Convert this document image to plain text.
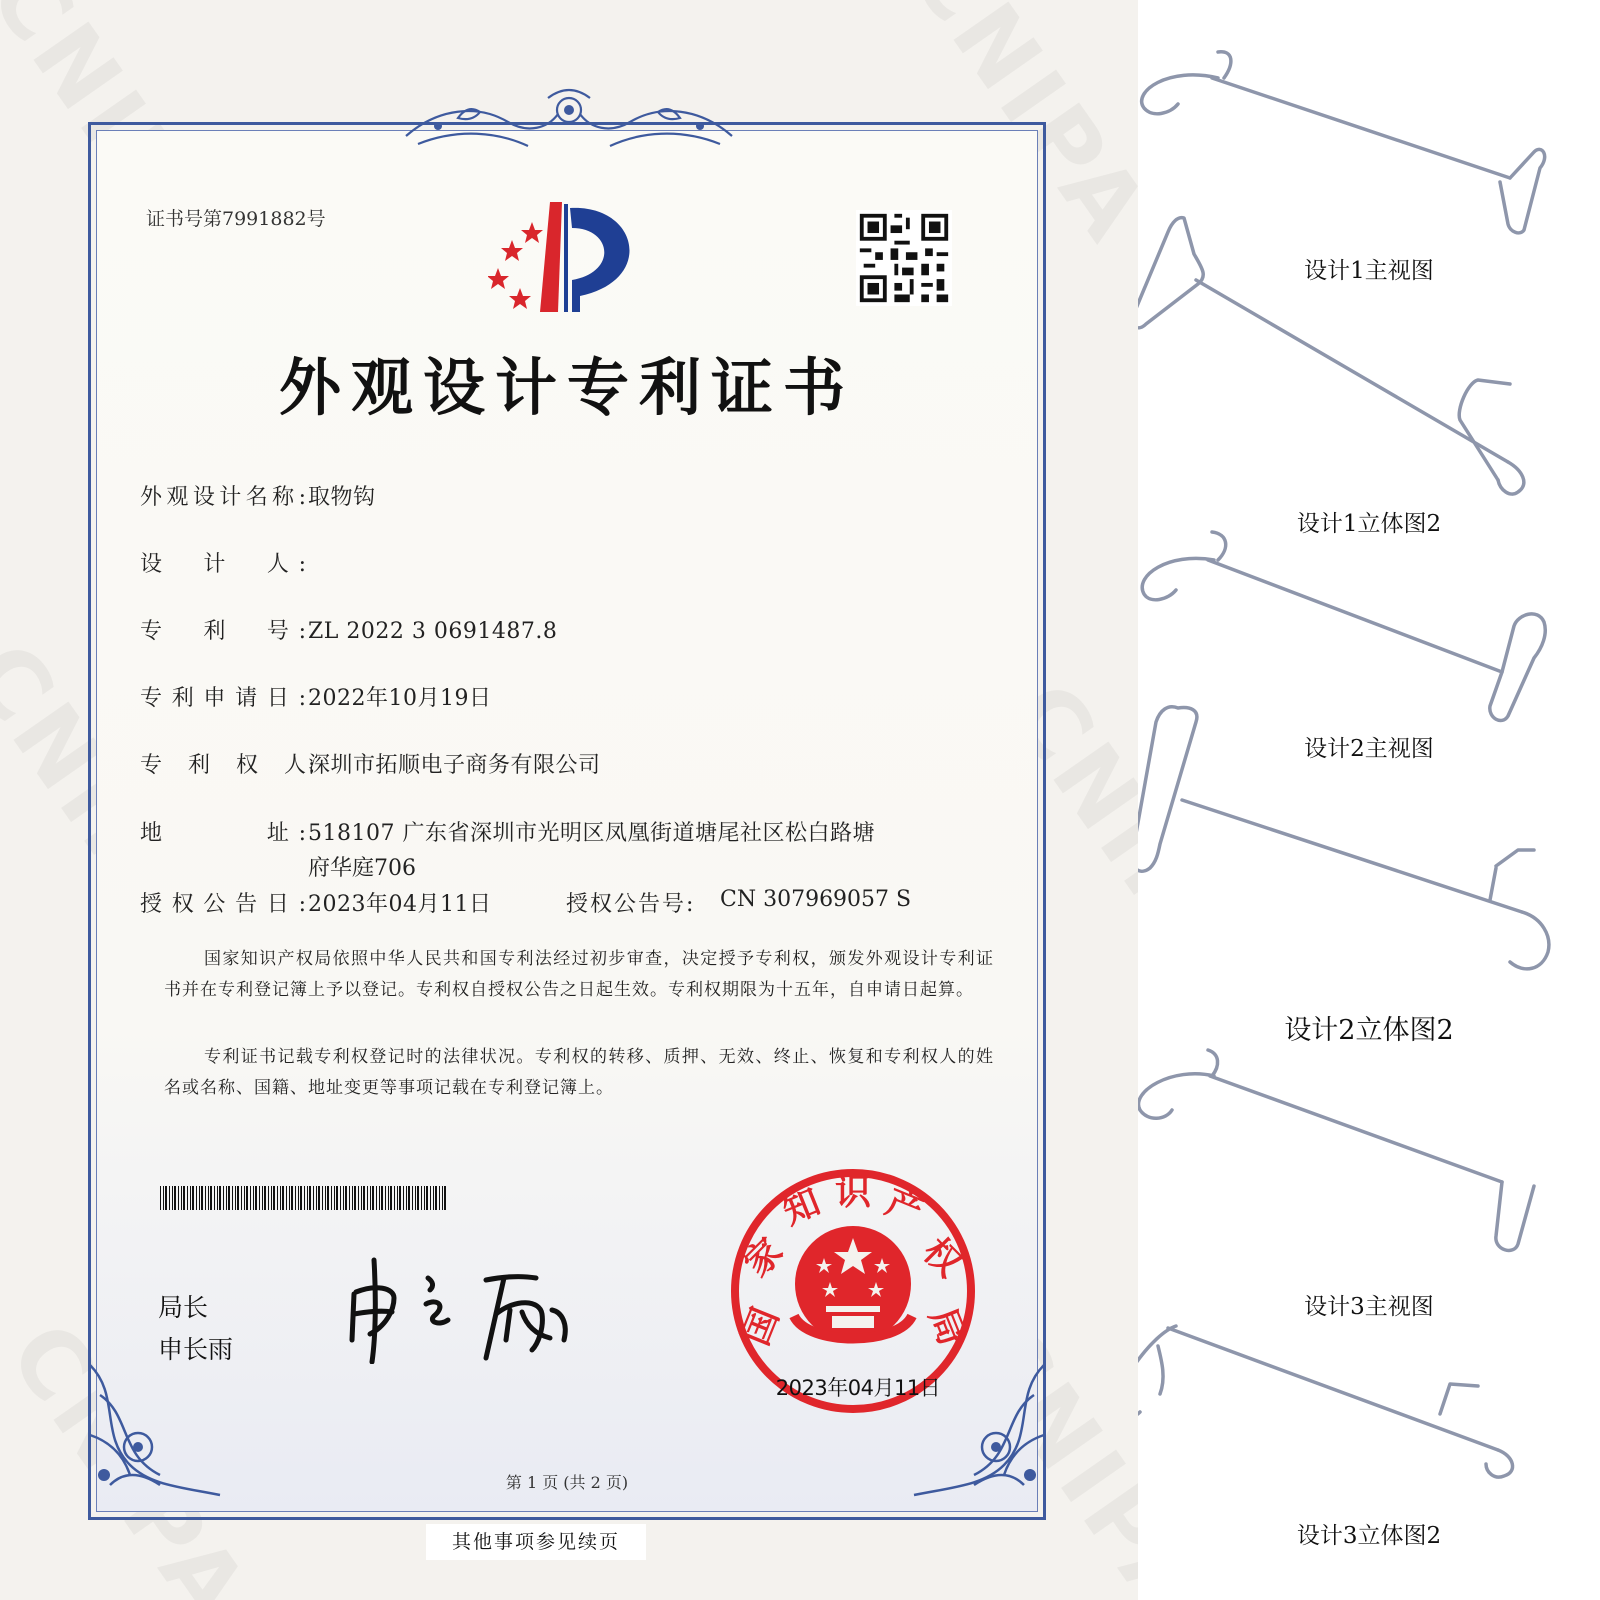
证书号第7991882号
外观设计专利证书
外观设计名称:取物钩
设　计　人:
专　利　号:ZL 2022 3 0691487.8
专利申请日:2022年10月19日
专　利　权　人:深圳市拓顺电子商务有限公司
地　　　址:518107 广东省深圳市光明区凤凰街道塘尾社区松白路塘
府华庭706
授权公告日:2023年04月11日	授权公告号: CN 307969057 S
国家知识产权局依照中华人民共和国专利法经过初步审查，决定授予专利权，颁发外观设计专利证书并在专利登记簿上予以登记。专利权自授权公告之日起生效。专利权期限为十五年，自申请日起算。
专利证书记载专利权登记时的法律状况。专利权的转移、质押、无效、终止、恢复和专利权人的姓名或名称、国籍、地址变更等事项记载在专利登记簿上。
局长
申长雨	国
家
知 识 产
权
局
2023年04月11日
第 1 页 (共 2 页)
其他事项参见续页
设计1主视图
设计1立体图2
设计2主视图
设计2立体图2
设计3主视图
设计3立体图2
